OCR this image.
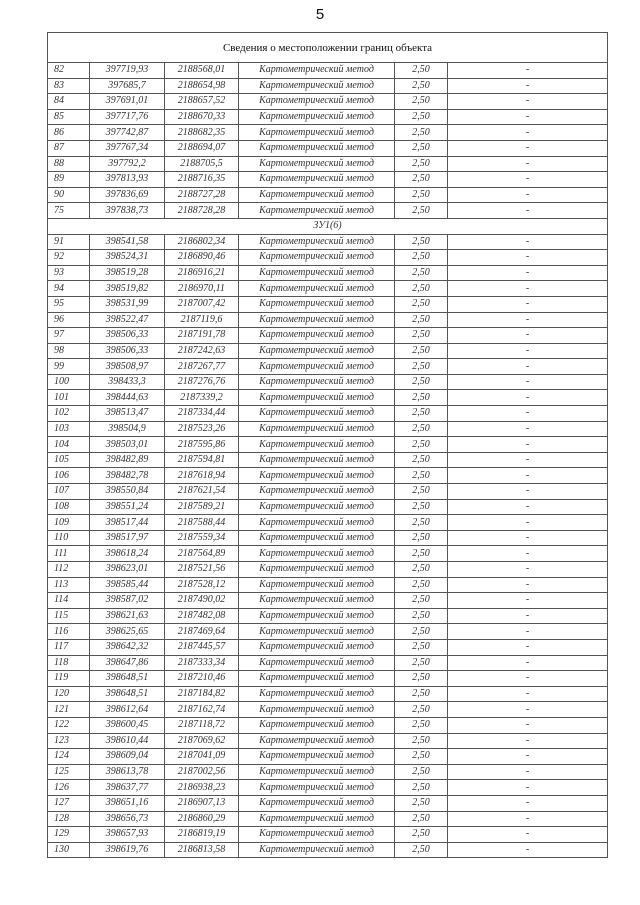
5
Сведения о местоположении границ объекта					
82	397719,93	2188568,01	Картометрический метод	2,50	-
83	397685,7	2188654,98	Картометрический метод	2,50	-
84	397691,01	2188657,52	Картометрический метод	2,50	-
85	397717,76	2188670,33	Картометрический метод	2,50	-
86	397742,87	2188682,35	Картометрический метод	2,50	-
87	397767,34	2188694,07	Картометрический метод	2,50	-
88	397792,2	2188705,5	Картометрический метод	2,50	-
89	397813,93	2188716,35	Картометрический метод	2,50	-
90	397836,69	2188727,28	Картометрический метод	2,50	-
75	397838,73	2188728,28	Картометрический метод	2,50	-
ЗУ1(6)					
91	398541,58	2186802,34	Картометрический метод	2,50	-
92	398524,31	2186890,46	Картометрический метод	2,50	-
93	398519,28	2186916,21	Картометрический метод	2,50	-
94	398519,82	2186970,11	Картометрический метод	2,50	-
95	398531,99	2187007,42	Картометрический метод	2,50	-
96	398522,47	2187119,6	Картометрический метод	2,50	-
97	398506,33	2187191,78	Картометрический метод	2,50	-
98	398506,33	2187242,63	Картометрический метод	2,50	-
99	398508,97	2187267,77	Картометрический метод	2,50	-
100	398433,3	2187276,76	Картометрический метод	2,50	-
101	398444,63	2187339,2	Картометрический метод	2,50	-
102	398513,47	2187334,44	Картометрический метод	2,50	-
103	398504,9	2187523,26	Картометрический метод	2,50	-
104	398503,01	2187595,86	Картометрический метод	2,50	-
105	398482,89	2187594,81	Картометрический метод	2,50	-
106	398482,78	2187618,94	Картометрический метод	2,50	-
107	398550,84	2187621,54	Картометрический метод	2,50	-
108	398551,24	2187589,21	Картометрический метод	2,50	-
109	398517,44	2187588,44	Картометрический метод	2,50	-
110	398517,97	2187559,34	Картометрический метод	2,50	-
111	398618,24	2187564,89	Картометрический метод	2,50	-
112	398623,01	2187521,56	Картометрический метод	2,50	-
113	398585,44	2187528,12	Картометрический метод	2,50	-
114	398587,02	2187490,02	Картометрический метод	2,50	-
115	398621,63	2187482,08	Картометрический метод	2,50	-
116	398625,65	2187469,64	Картометрический метод	2,50	-
117	398642,32	2187445,57	Картометрический метод	2,50	-
118	398647,86	2187333,34	Картометрический метод	2,50	-
119	398648,51	2187210,46	Картометрический метод	2,50	-
120	398648,51	2187184,82	Картометрический метод	2,50	-
121	398612,64	2187162,74	Картометрический метод	2,50	-
122	398600,45	2187118,72	Картометрический метод	2,50	-
123	398610,44	2187069,62	Картометрический метод	2,50	-
124	398609,04	2187041,09	Картометрический метод	2,50	-
125	398613,78	2187002,56	Картометрический метод	2,50	-
126	398637,77	2186938,23	Картометрический метод	2,50	-
127	398651,16	2186907,13	Картометрический метод	2,50	-
128	398656,73	2186860,29	Картометрический метод	2,50	-
129	398657,93	2186819,19	Картометрический метод	2,50	-
130	398619,76	2186813,58	Картометрический метод	2,50	-
